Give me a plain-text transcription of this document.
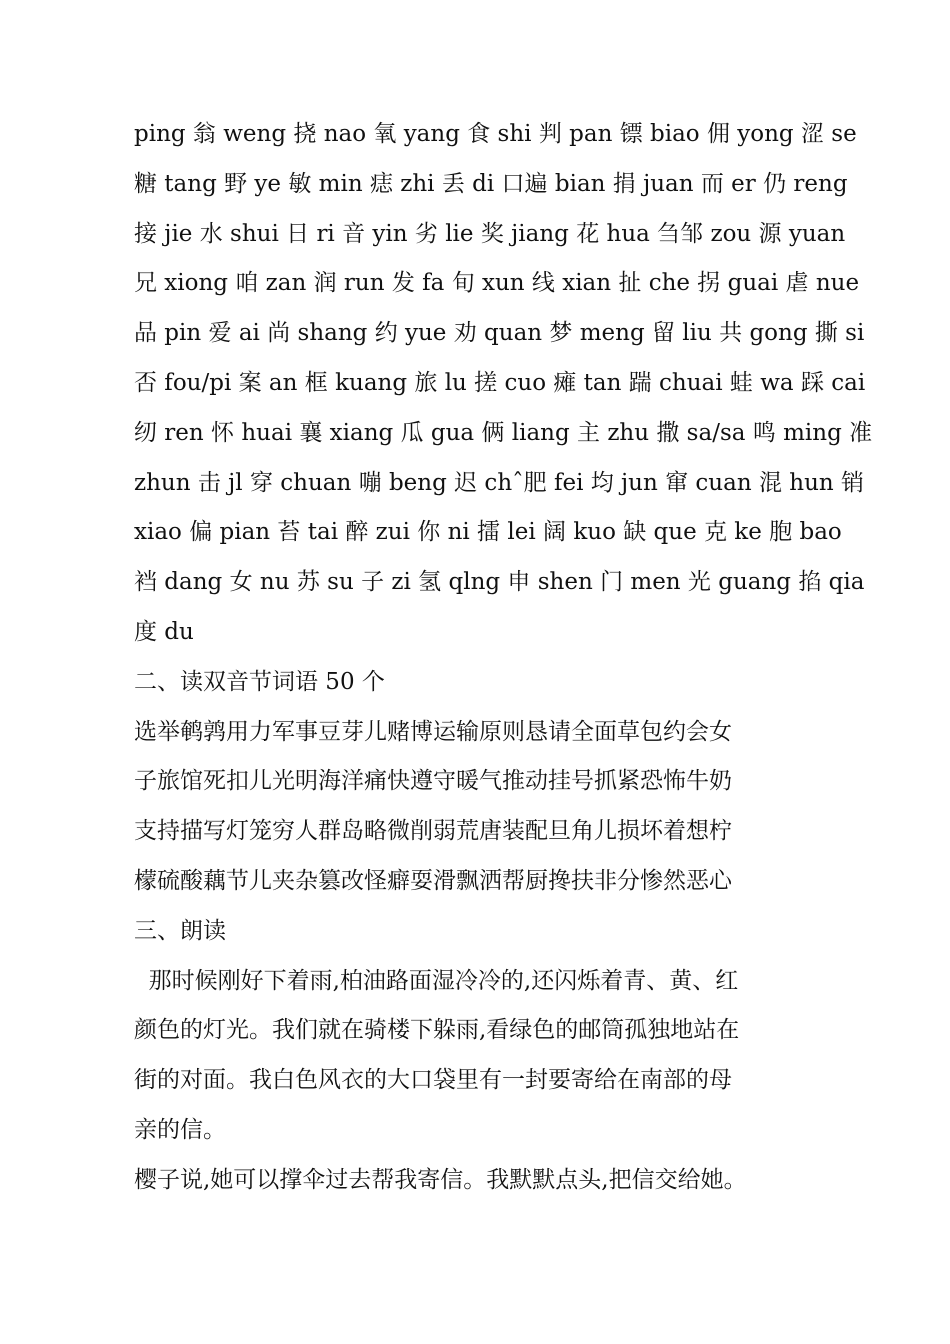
ping 翁 weng 挠 nao 氧 yang 食 shi 判 pan 镖 biao 佣 yong 涩 se
糖 tang 野 ye 敏 min 痣 zhi 丢 di 口遍 bian 捐 juan 而 er 仍 reng
接 jie 水 shui 日 ri 音 yin 劣 lie 奖 jiang 花 hua 刍邹 zou 源 yuan
兄 xiong 咱 zan 润 run 发 fa 旬 xun 线 xian 扯 che 拐 guai 虐 nue
品 pin 爱 ai 尚 shang 约 yue 劝 quan 梦 meng 留 liu 共 gong 撕 si
否 fou/pi 案 an 框 kuang 旅 lu 搓 cuo 瘫 tan 踹 chuai 蛙 wa 踩 cai
纫 ren 怀 huai 襄 xiang 瓜 gua 俩 liang 主 zhu 撒 sa/sa 鸣 ming 准
zhun 击 jl 穿 chuan 嘣 beng 迟 chˆ肥 fei 均 jun 窜 cuan 混 hun 销
xiao 偏 pian 苔 tai 醉 zui 你 ni 擂 lei 阔 kuo 缺 que 克 ke 胞 bao
裆 dang 女 nu 苏 su 子 zi 氢 qlng 申 shen 门 men 光 guang 掐 qia
度 du
二、读双音节词语 50 个
选举鹌鹑用力军事豆芽儿赌博运输原则恳请全面草包约会女
子旅馆死扣儿光明海洋痛快遵守暖气推动挂号抓紧恐怖牛奶
支持描写灯笼穷人群岛略微削弱荒唐装配旦角儿损坏着想柠
檬硫酸藕节儿夹杂篡改怪癖耍滑飘洒帮厨搀扶非分惨然恶心
三、朗读
那时候刚好下着雨,柏油路面湿冷冷的,还闪烁着青、黄、红
颜色的灯光。我们就在骑楼下躲雨,看绿色的邮筒孤独地站在
街的对面。我白色风衣的大口袋里有一封要寄给在南部的母
亲的信。
樱子说,她可以撑伞过去帮我寄信。我默默点头,把信交给她。
